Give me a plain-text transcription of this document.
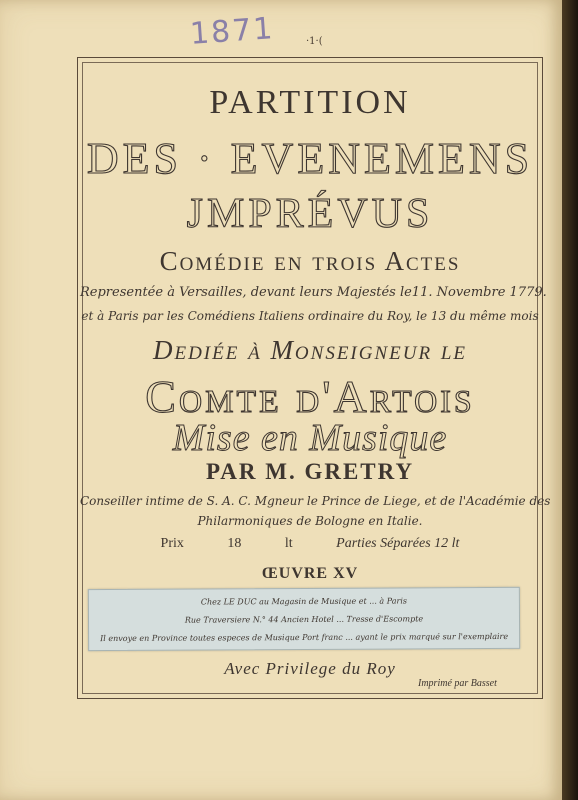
1871	·1·(
PARTITION
DES · EVENEMENS
JMPRÉVUS
Comédie en trois Actes
Representée à Versailles, devant leurs Majestés le11. Novembre 1779.
et à Paris par les Comédiens Italiens ordinaire du Roy, le 13 du même mois
Dediée à Monseigneur le
Comte d'Artois
Mise en Musique
PAR M. GRETRY
Conseiller intime de S. A. C. Mgneur le Prince de Liege, et de l'Académie des
Philarmoniques de Bologne en Italie.
Prix 18 lt	Parties Séparées 12 lt
ŒUVRE XV
Chez LE DUC au Magasin de Musique et ... à Paris
Rue Traversiere N.° 44 Ancien Hotel ... Tresse d'Escompte
Il envoye en Province toutes especes de Musique Port franc ... ayant le prix marqué sur l'exemplaire
Avec Privilege du Roy
Imprimé par Basset
